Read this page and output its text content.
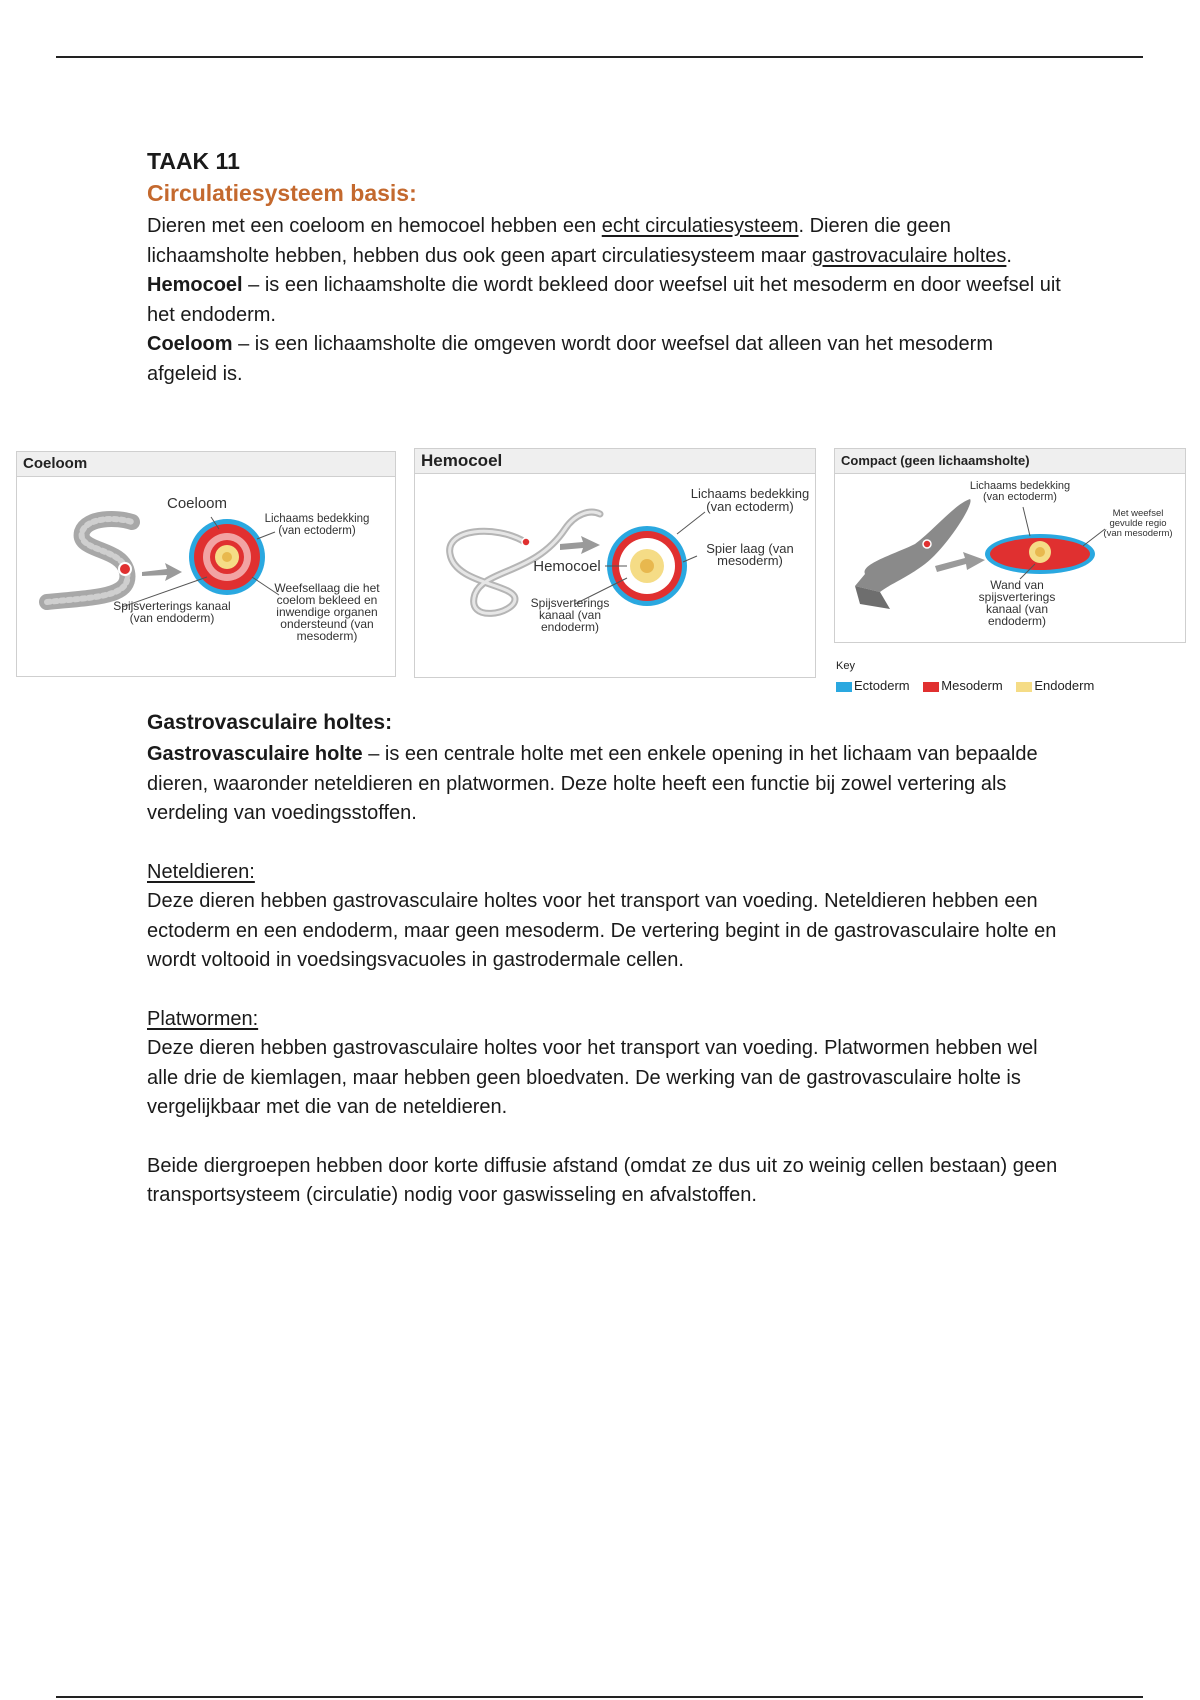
TAAK 11
Circulatiesysteem basis:

Dieren met een coeloom en hemocoel hebben een echt circulatiesysteem. Dieren die geen lichaamsholte hebben, hebben dus ook geen apart circulatiesysteem maar gastrovaculaire holtes.

Hemocoel – is een lichaamsholte die wordt bekleed door weefsel uit het mesoderm en door weefsel uit het endoderm.

Coeloom – is een lichaamsholte die omgeven wordt door weefsel dat alleen van het mesoderm afgeleid is.

Coeloom
Coeloom
Lichaams bedekking
(van ectoderm)
Spijsverterings kanaal
(van endoderm)
Weefsellaag die het
coelom bekleed en
inwendige organen
ondersteund (van
mesoderm)
Hemocoel
Lichaams bedekking
(van ectoderm)
Hemocoel
Spier laag (van
mesoderm)
Spijsverterings
kanaal (van
endoderm)
Compact (geen lichaamsholte)
Lichaams bedekking
(van ectoderm)
Met weefsel
gevulde regio
(van mesoderm)
Wand van
spijsverterings
kanaal (van
endoderm)
Key
Ectoderm Mesoderm Endoderm
Gastrovasculaire holtes:

Gastrovasculaire holte – is een centrale holte met een enkele opening in het lichaam van bepaalde dieren, waaronder neteldieren en platwormen. Deze holte heeft een functie bij zowel vertering als verdeling van voedingsstoffen.

Neteldieren:

Deze dieren hebben gastrovasculaire holtes voor het transport van voeding. Neteldieren hebben een ectoderm en een endoderm, maar geen mesoderm. De vertering begint in de gastrovasculaire holte en wordt voltooid in voedsingsvacuoles in gastrodermale cellen.

Platwormen:

Deze dieren hebben gastrovasculaire holtes voor het transport van voeding. Platwormen hebben wel alle drie de kiemlagen, maar hebben geen bloedvaten. De werking van de gastrovasculaire holte is vergelijkbaar met die van de neteldieren.

Beide diergroepen hebben door korte diffusie afstand (omdat ze dus uit zo weinig cellen bestaan) geen transportsysteem (circulatie) nodig voor gaswisseling en afvalstoffen.
